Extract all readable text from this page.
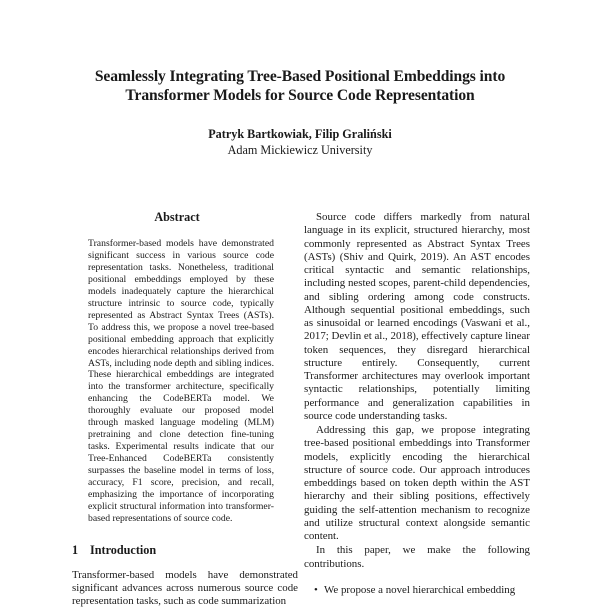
Seamlessly Integrating Tree-Based Positional Embeddings into
Transformer Models for Source Code Representation
Patryk Bartkowiak, Filip Graliński
Adam Mickiewicz University
Abstract
Transformer-based models have demonstrated significant success in various source code representation tasks. Nonetheless, traditional positional embeddings employed by these models inadequately capture the hierarchical structure intrinsic to source code, typically represented as Abstract Syntax Trees (ASTs). To address this, we propose a novel tree-based positional embedding approach that explicitly encodes hierarchical relationships derived from ASTs, including node depth and sibling indices. These hierarchical embeddings are integrated into the transformer architecture, specifically enhancing the CodeBERTa model. We thoroughly evaluate our proposed model through masked language modeling (MLM) pretraining and clone detection fine-tuning tasks. Experimental results indicate that our Tree-Enhanced CodeBERTa consistently surpasses the baseline model in terms of loss, accuracy, F1 score, precision, and recall, emphasizing the importance of incorporating explicit structural information into transformer-based representations of source code.
1 Introduction
Transformer-based models have demonstrated significant advances across numerous source code representation tasks, such as code summarization

Source code differs markedly from natural language in its explicit, structured hierarchy, most commonly represented as Abstract Syntax Trees (ASTs) (Shiv and Quirk, 2019). An AST encodes critical syntactic and semantic relationships, including nested scopes, parent-child dependencies, and sibling ordering among code constructs. Although sequential positional embeddings, such as sinusoidal or learned encodings (Vaswani et al., 2017; Devlin et al., 2018), effectively capture linear token sequences, they disregard hierarchical structure entirely. Consequently, current Transformer architectures may overlook important syntactic relationships, potentially limiting performance and generalization capabilities in source code understanding tasks.

Addressing this gap, we propose integrating tree-based positional embeddings into Transformer models, explicitly encoding the hierarchical structure of source code. Our approach introduces embeddings based on token depth within the AST hierarchy and their sibling positions, effectively guiding the self-attention mechanism to recognize and utilize structural context alongside semantic content.

In this paper, we make the following contributions.

• We propose a novel hierarchical embedding
